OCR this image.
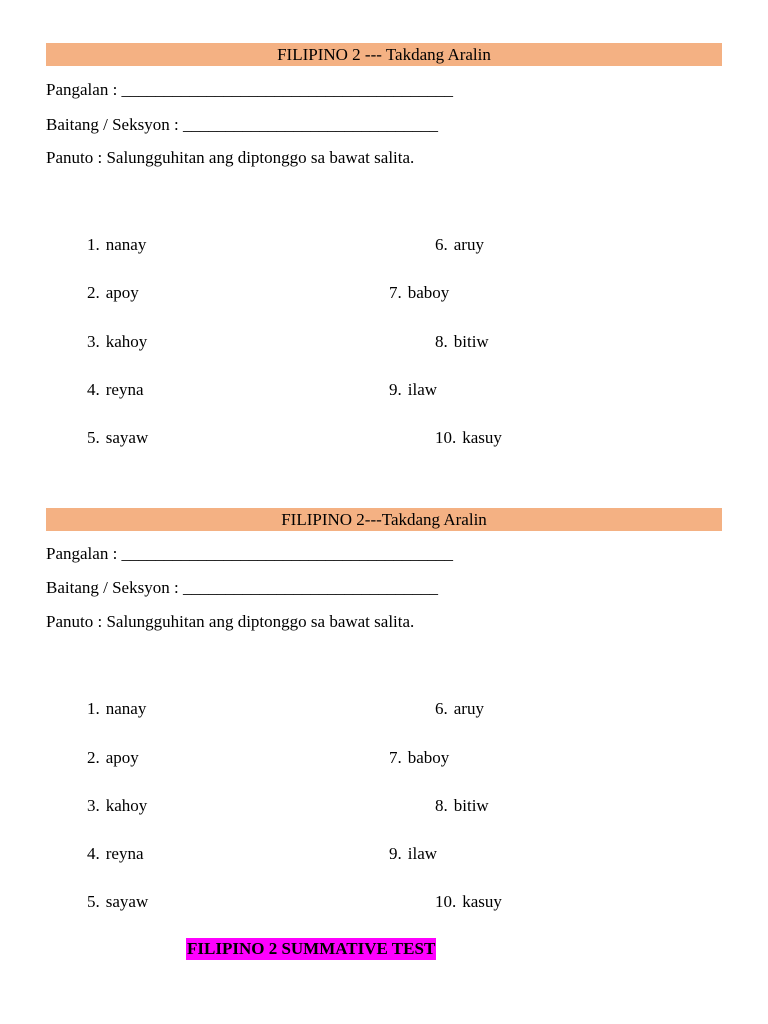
FILIPINO 2 --- Takdang Aralin
Pangalan : _______________________________________
Baitang / Seksyon : ______________________________
Panuto : Salungguhitan ang diptonggo sa bawat salita.

1. nanay

2. apoy

3. kahoy

4. reyna

5. sayaw

6. aruy

7. baboy

8. bitiw

9. ilaw

10. kasuy

FILIPINO 2---Takdang Aralin
Pangalan : _______________________________________
Baitang / Seksyon : ______________________________
Panuto : Salungguhitan ang diptonggo sa bawat salita.

1. nanay

2. apoy

3. kahoy

4. reyna

5. sayaw

6. aruy

7. baboy

8. bitiw

9. ilaw

10. kasuy

FILIPINO 2 SUMMATIVE TEST
